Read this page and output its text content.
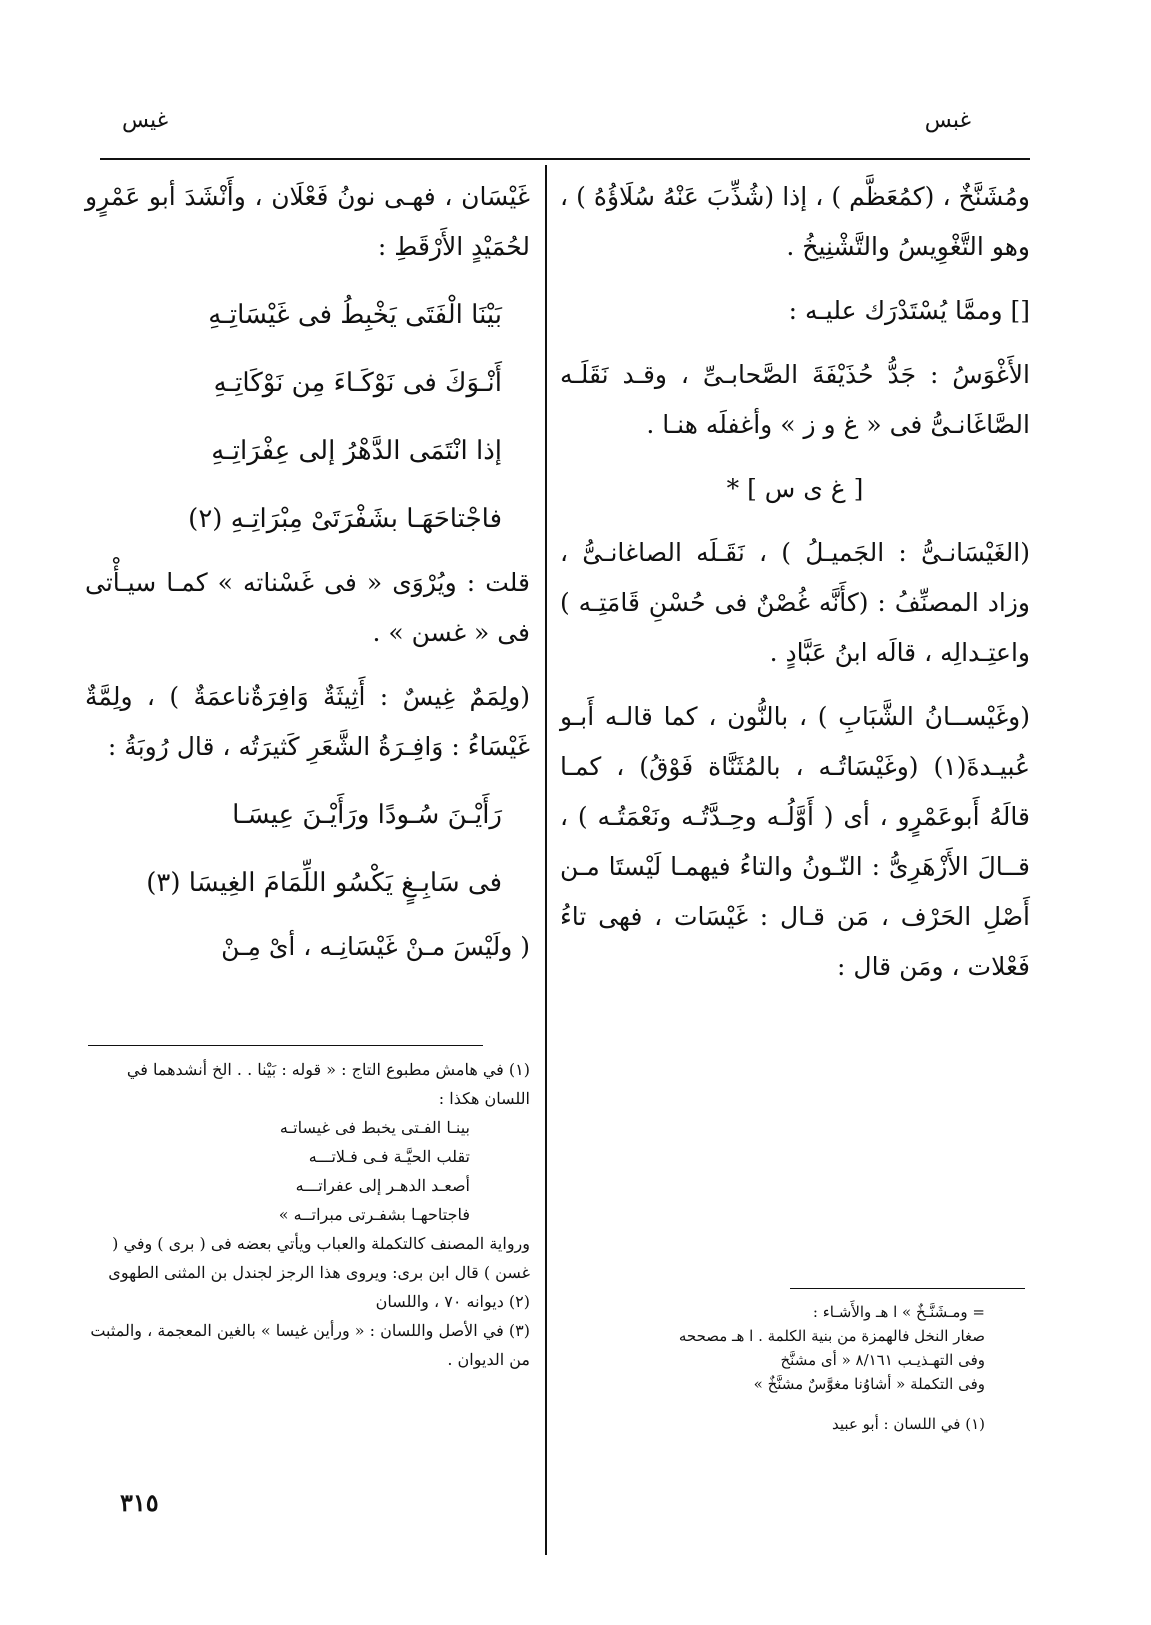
غبس
غيس

ومُشَنَّخٌ ، (كمُعَظَّم ) ، إذا (شُذِّبَ عَنْهُ سُلَاؤُهُ ) ، وهو التَّغْوِيسُ والتَّشْنِيخُ .

[] وممَّا يُسْتَدْرَك عليـه :

الأَغْوَسُ : جَدُّ حُذَيْفَةَ الصَّحابـىِّ ، وقـد نَقَلَـه الصَّاغَانـىُّ فى « غ و ز » وأغفلَه هنـا .

[ غ ى س ] *

(الغَيْسَانـىُّ : الجَميـلُ ) ، نَقَـلَه الصاغانـىُّ ، وزاد المصنِّفُ : (كأَنَّه غُصْنٌ فى حُسْنِ قَامَتِـه ) واعتِـدالِه ، قالَه ابنُ عَبَّادٍ .

(وغَيْســانُ الشَّبَابِ ) ، بالنُّون ، كما قالـه أَبـو عُبيـدةَ(١) (وغَيْسَاتُـه ، بالمُثَنَّاة فَوْقُ) ، كمـا قالَهُ أَبوعَمْرٍو ، أى ( أَوَّلُـه وحِـدَّتُـه ونَعْمَتُـه ) ، قــالَ الأَزْهَرِىُّ : النّـونُ والتاءُ فيهمـا لَيْستَا مـن أَصْلِ الحَرْف ، مَن قـال : غَيْسَات ، فهى تاءُ فَعْلات ، ومَن قال :

غَيْسَان ، فهـى نونُ فَعْلَان ، وأَنْشَدَ أبو عَمْرٍو لحُمَيْدٍ الأَرْقَطِ :

بَيْنَا الْفَتَى يَخْبِطُ فى غَيْسَاتِـهِ
أَنْـوَكَ فى نَوْكَـاءَ مِن نَوْكَاتِـهِ
إذا انْتَمَى الدَّهْرُ إلى عِفْرَاتِـهِ
فاجْتاحَهَـا بشَفْرَتَىْ مِبْرَاتِـهِ (٢)

قلت : ويُرْوَى « فى غَسْناته » كمـا سيـأْتى فى « غسن » .

(ولِمَمٌ غِيسٌ : أَثِيثَةٌ وَافِرَةٌناعمَةٌ ) ، ولِمَّةٌ غَيْسَاءُ : وَافِـرَةُ الشَّعَرِ كَثيرَتُه ، قال رُوبَةُ :

رَأَيْـنَ سُـودًا ورَأَيْـنَ عِيسَـا
فى سَابِـغٍ يَكْسُو اللِّمَامَ الغِيسَا (٣)

( ولَيْسَ مـنْ غَيْسَانِـه ، أىْ مِـنْ

(١) في هامش مطبوع التاج : « قوله : بَيْنا . . الخ أنشدهما في اللسان هكذا :

بينـا الفـتى يخبط فى غيساتـه

تقلب الحيَّـة فـى فـلاتـــه

أصعـد الدهـر إلى عفراتـــه

فاجتاحهـا بشفـرتى مبراتــه »

ورواية المصنف كالتكملة والعباب ويأتي بعضه فى ( برى ) وفي ( غسن ) قال ابن برى: ويروى هذا الرجز لجندل بن المثنى الطهوى

(٢) ديوانه ٧٠ ، واللسان

(٣) في الأصل واللسان : « ورأين غيسا » بالغين المعجمة ، والمثبت من الديوان .

= ومـشَنَّـخٌ » ا هـ والأَشـاء :

صغار النخل فالهمزة من بنية الكلمة . ا هـ مصححه

وفى التهـذيـب ٨/١٦١ « أى مشنَّخ

وفى التكملة « أشاوُنا مغوَّسٌ مشنَّخٌ »

(١) في اللسان : أبو عبيد

٣١٥
